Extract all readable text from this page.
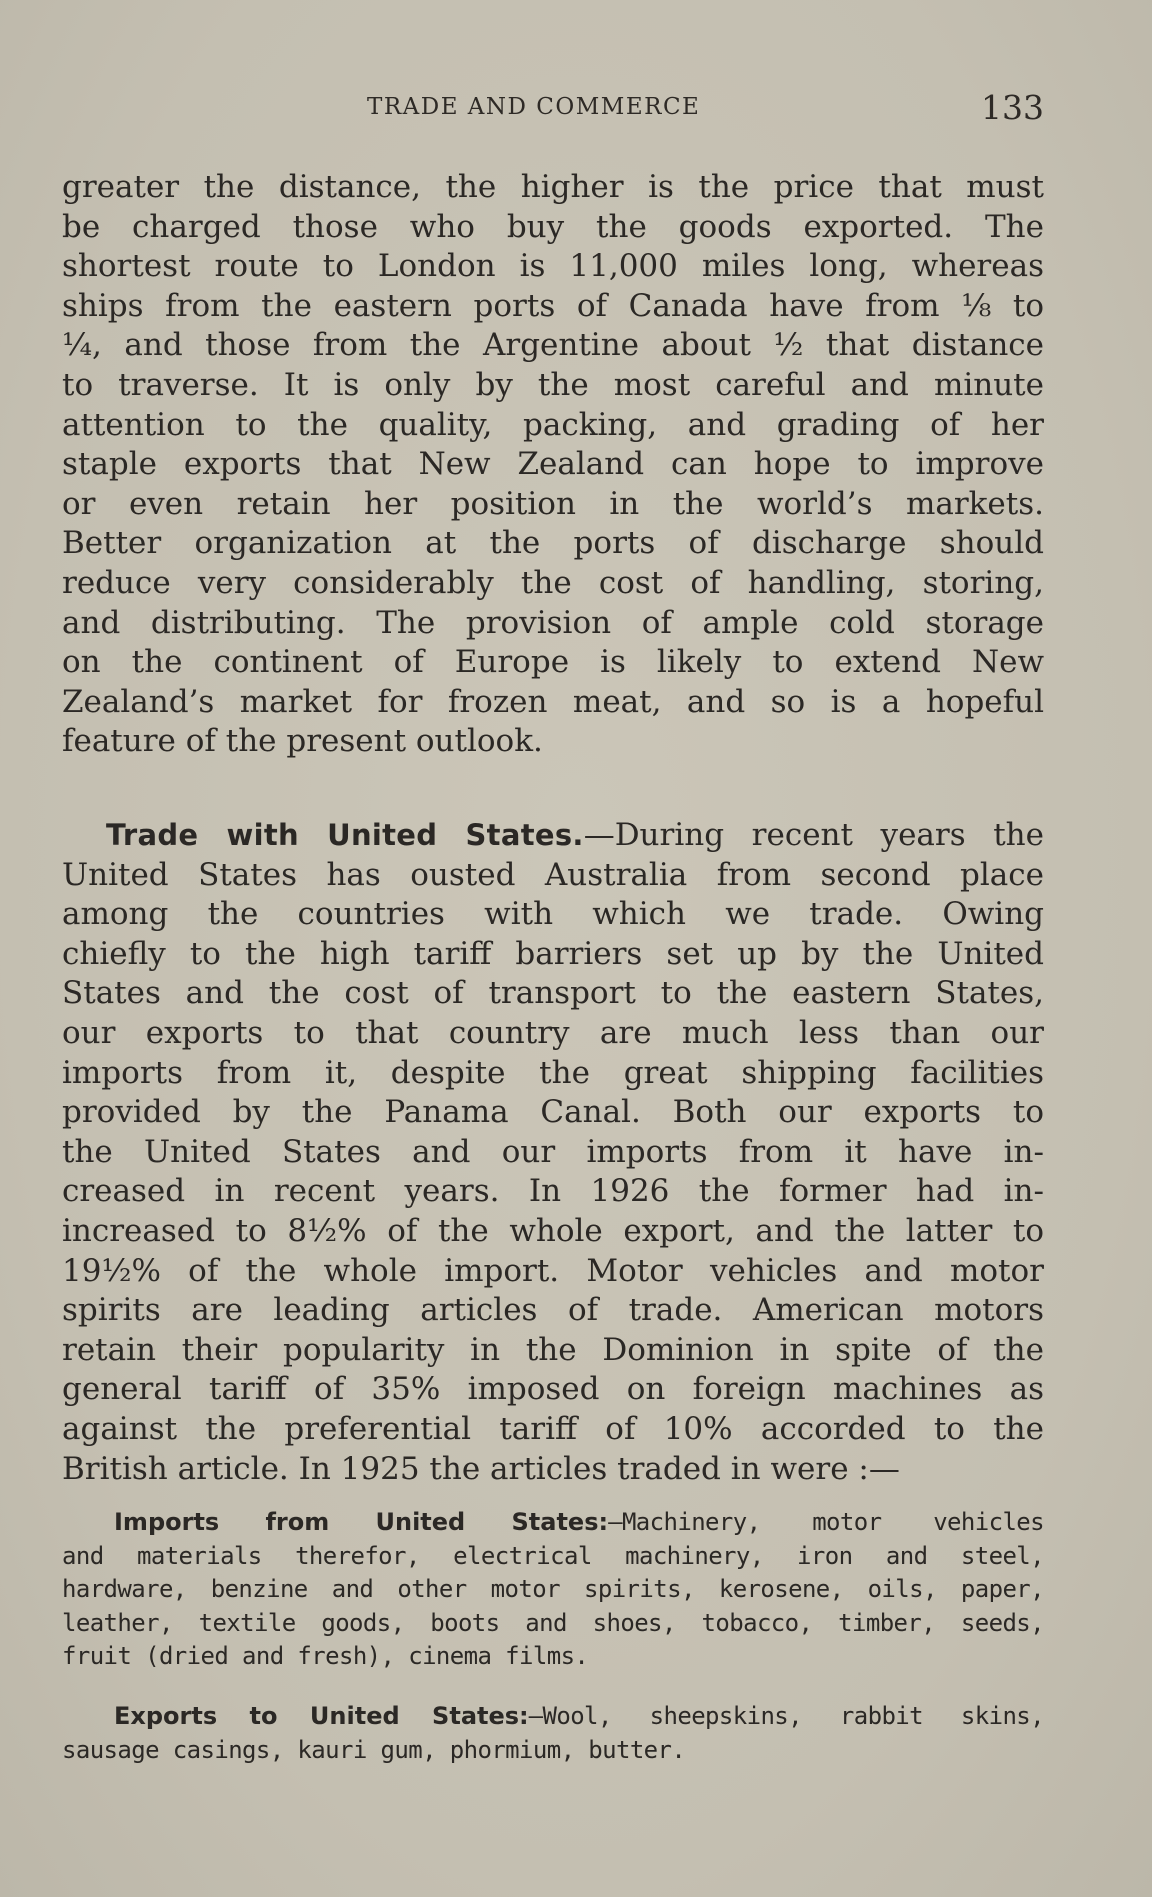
TRADE AND COMMERCE	133
greater the distance, the higher is the price that must
be charged those who buy the goods exported. The
shortest route to London is 11,000 miles long, whereas
ships from the eastern ports of Canada have from ⅛ to
¼, and those from the Argentine about ½ that distance
to traverse. It is only by the most careful and minute
attention to the quality, packing, and grading of her
staple exports that New Zealand can hope to improve
or even retain her position in the world’s markets.
Better organization at the ports of discharge should
reduce very considerably the cost of handling, storing,
and distributing. The provision of ample cold storage
on the continent of Europe is likely to extend New
Zealand’s market for frozen meat, and so is a hopeful
feature of the present outlook.
Trade with United States.—During recent years the
United States has ousted Australia from second place
among the countries with which we trade. Owing
chiefly to the high tariff barriers set up by the United
States and the cost of transport to the eastern States,
our exports to that country are much less than our
imports from it, despite the great shipping facilities
provided by the Panama Canal. Both our exports to
the United States and our imports from it have in-
creased in recent years. In 1926 the former had in-
increased to 8½% of the whole export, and the latter to
19½% of the whole import. Motor vehicles and motor
spirits are leading articles of trade. American motors
retain their popularity in the Dominion in spite of the
general tariff of 35% imposed on foreign machines as
against the preferential tariff of 10% accorded to the
British article. In 1925 the articles traded in were :—
Imports from United States:—Machinery, motor vehicles
and materials therefor, electrical machinery, iron and steel,
hardware, benzine and other motor spirits, kerosene, oils, paper,
leather, textile goods, boots and shoes, tobacco, timber, seeds,
fruit (dried and fresh), cinema films.
Exports to United States:—Wool, sheepskins, rabbit skins,
sausage casings, kauri gum, phormium, butter.
